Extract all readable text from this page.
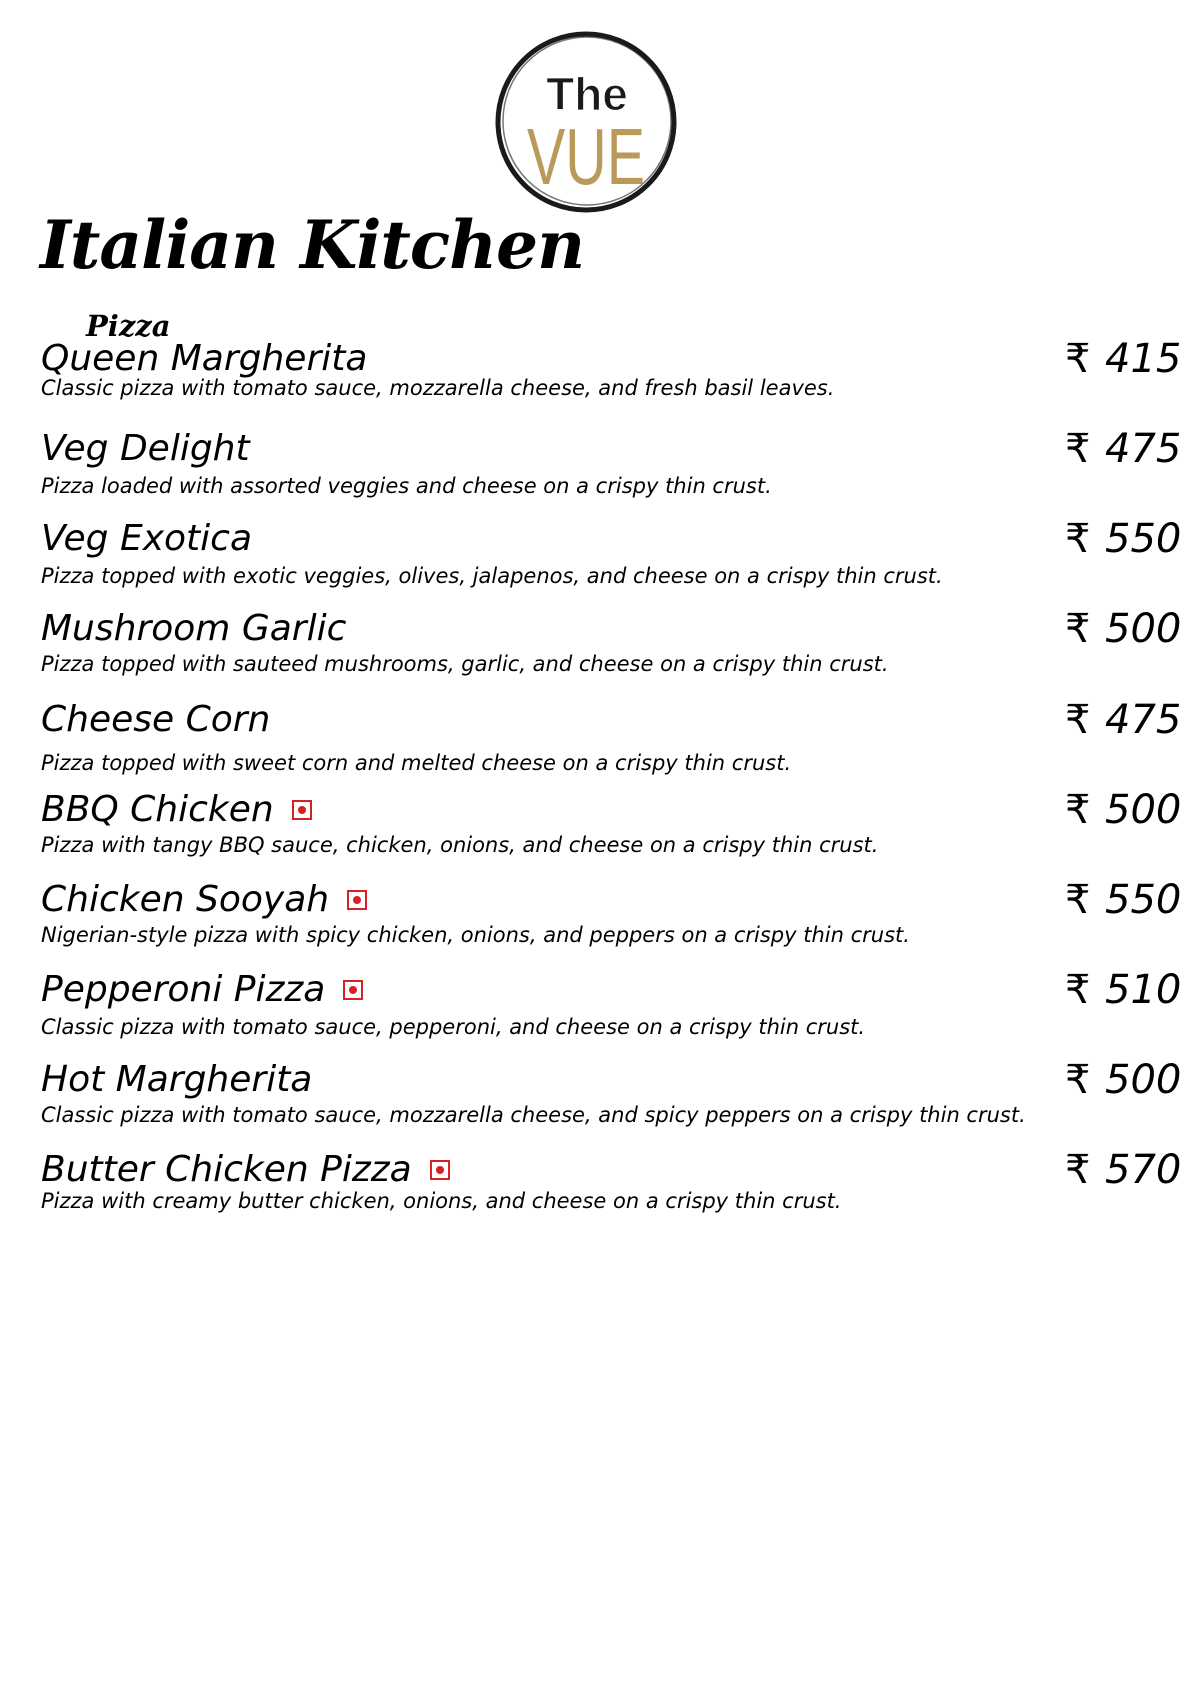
The
VUE
Italian Kitchen
Pizza
Queen Margherita
Classic pizza with tomato sauce, mozzarella cheese, and fresh basil leaves.
₹ 415
Veg Delight
Pizza loaded with assorted veggies and cheese on a crispy thin crust.
₹ 475
Veg Exotica
Pizza topped with exotic veggies, olives, jalapenos, and cheese on a crispy thin crust.
₹ 550
Mushroom Garlic
Pizza topped with sauteed mushrooms, garlic, and cheese on a crispy thin crust.
₹ 500
Cheese Corn
Pizza topped with sweet corn and melted cheese on a crispy thin crust.
₹ 475
BBQ Chicken
Pizza with tangy BBQ sauce, chicken, onions, and cheese on a crispy thin crust.
₹ 500
Chicken Sooyah
Nigerian-style pizza with spicy chicken, onions, and peppers on a crispy thin crust.
₹ 550
Pepperoni Pizza
Classic pizza with tomato sauce, pepperoni, and cheese on a crispy thin crust.
₹ 510
Hot Margherita
Classic pizza with tomato sauce, mozzarella cheese, and spicy peppers on a crispy thin crust.
₹ 500
Butter Chicken Pizza
Pizza with creamy butter chicken, onions, and cheese on a crispy thin crust.
₹ 570
